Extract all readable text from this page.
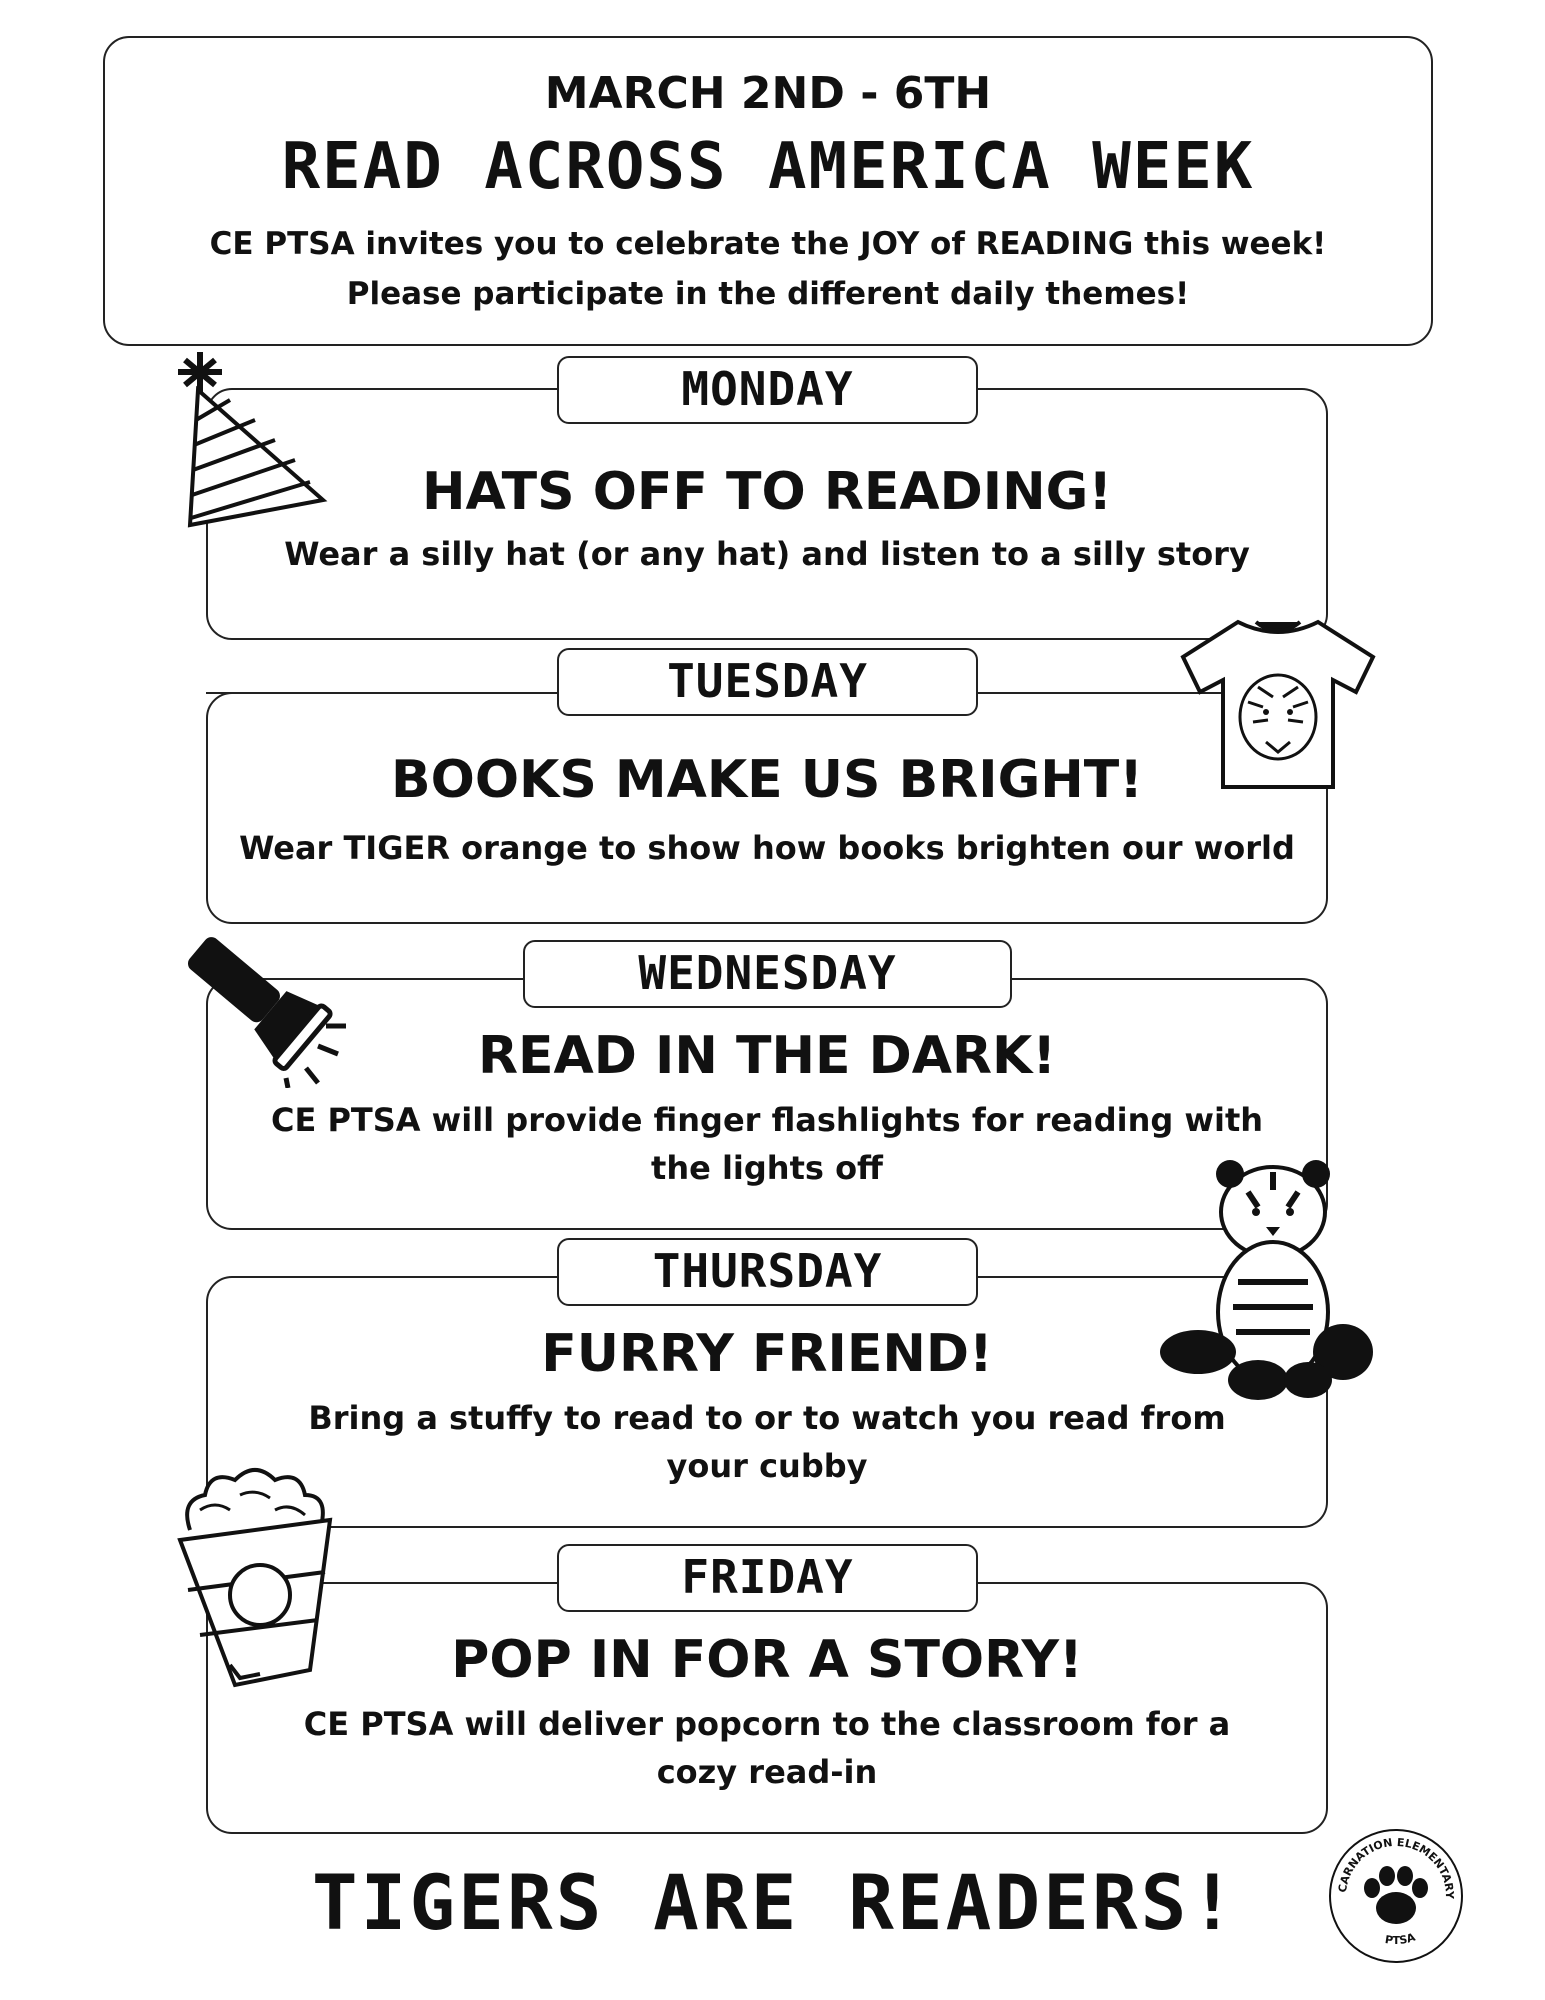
MARCH 2ND - 6TH
READ ACROSS AMERICA WEEK
CE PTSA invites you to celebrate the JOY of READING this week!
Please participate in the different daily themes!
HATS OFF TO READING!
Wear a silly hat (or any hat) and listen to a silly story
MONDAY
BOOKS MAKE US BRIGHT!
Wear TIGER orange to show how books brighten our world
TUESDAY
READ IN THE DARK!
CE PTSA will provide finger flashlights for reading with the lights off
WEDNESDAY
FURRY FRIEND!
Bring a stuffy to read to or to watch you read from your cubby
THURSDAY
POP IN FOR A STORY!
CE PTSA will deliver popcorn to the classroom for a cozy read-in
FRIDAY
TIGERS ARE READERS!	CARNATION ELEMENTARY
PTSA
